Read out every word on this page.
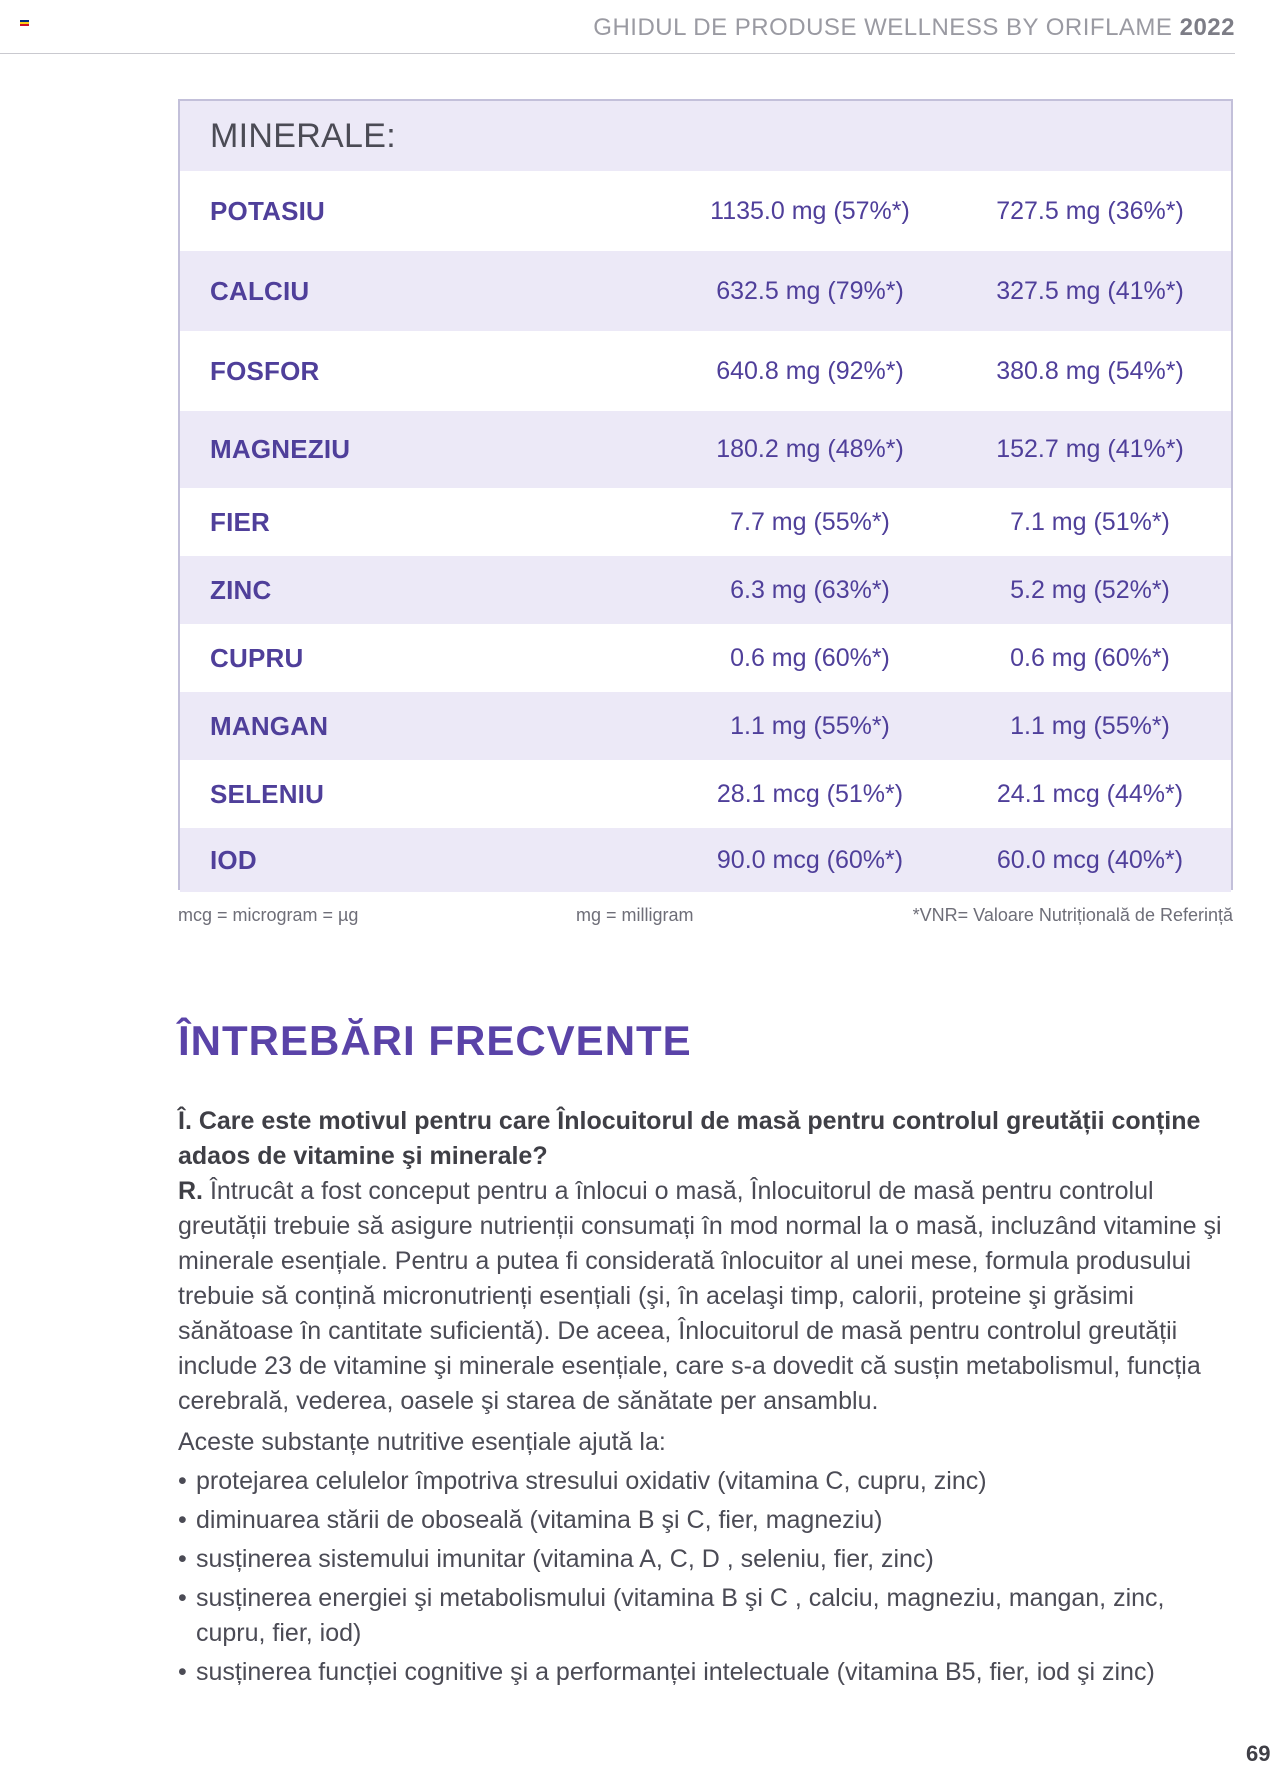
GHIDUL DE PRODUSE WELLNESS BY ORIFLAME 2022
MINERALE:
POTASIU	1135.0 mg (57%*)	727.5 mg (36%*)
CALCIU	632.5 mg (79%*)	327.5 mg (41%*)
FOSFOR	640.8 mg (92%*)	380.8 mg (54%*)
MAGNEZIU	180.2 mg (48%*)	152.7 mg (41%*)
FIER	7.7 mg (55%*)	7.1 mg (51%*)
ZINC	6.3 mg (63%*)	5.2 mg (52%*)
CUPRU	0.6 mg (60%*)	0.6 mg (60%*)
MANGAN	1.1 mg (55%*)	1.1 mg (55%*)
SELENIU	28.1 mcg (51%*)	24.1 mcg (44%*)
IOD	90.0 mcg (60%*)	60.0 mcg (40%*)
mcg = microgram = µg	mg = milligram	*VNR= Valoare Nutrițională de Referință
ÎNTREBĂRI FRECVENTE

Î. Care este motivul pentru care Înlocuitorul de masă pentru controlul greutății conține adaos de vitamine şi minerale?

R. Întrucât a fost conceput pentru a înlocui o masă, Înlocuitorul de masă pentru controlul greutății trebuie să asigure nutrienții consumați în mod normal la o masă, incluzând vitamine şi minerale esențiale. Pentru a putea fi considerată înlocuitor al unei mese, formula produsului trebuie să conțină micronutrienți esențiali (şi, în acelaşi timp, calorii, proteine şi grăsimi sănătoase în cantitate suficientă). De aceea, Înlocuitorul de masă pentru controlul greutății include 23 de vitamine şi minerale esențiale, care s-a dovedit că susțin metabolismul, funcția cerebrală, vederea, oasele şi starea de sănătate per ansamblu.

Aceste substanțe nutritive esențiale ajută la:

• protejarea celulelor împotriva stresului oxidativ (vitamina C, cupru, zinc)
• diminuarea stării de oboseală (vitamina B şi C, fier, magneziu)
• susținerea sistemului imunitar (vitamina A, C, D , seleniu, fier, zinc)
• susținerea energiei şi metabolismului (vitamina B şi C , calciu, magneziu, mangan, zinc, cupru, fier, iod)
• susținerea funcției cognitive şi a performanței intelectuale (vitamina B5, fier, iod şi zinc)
69
